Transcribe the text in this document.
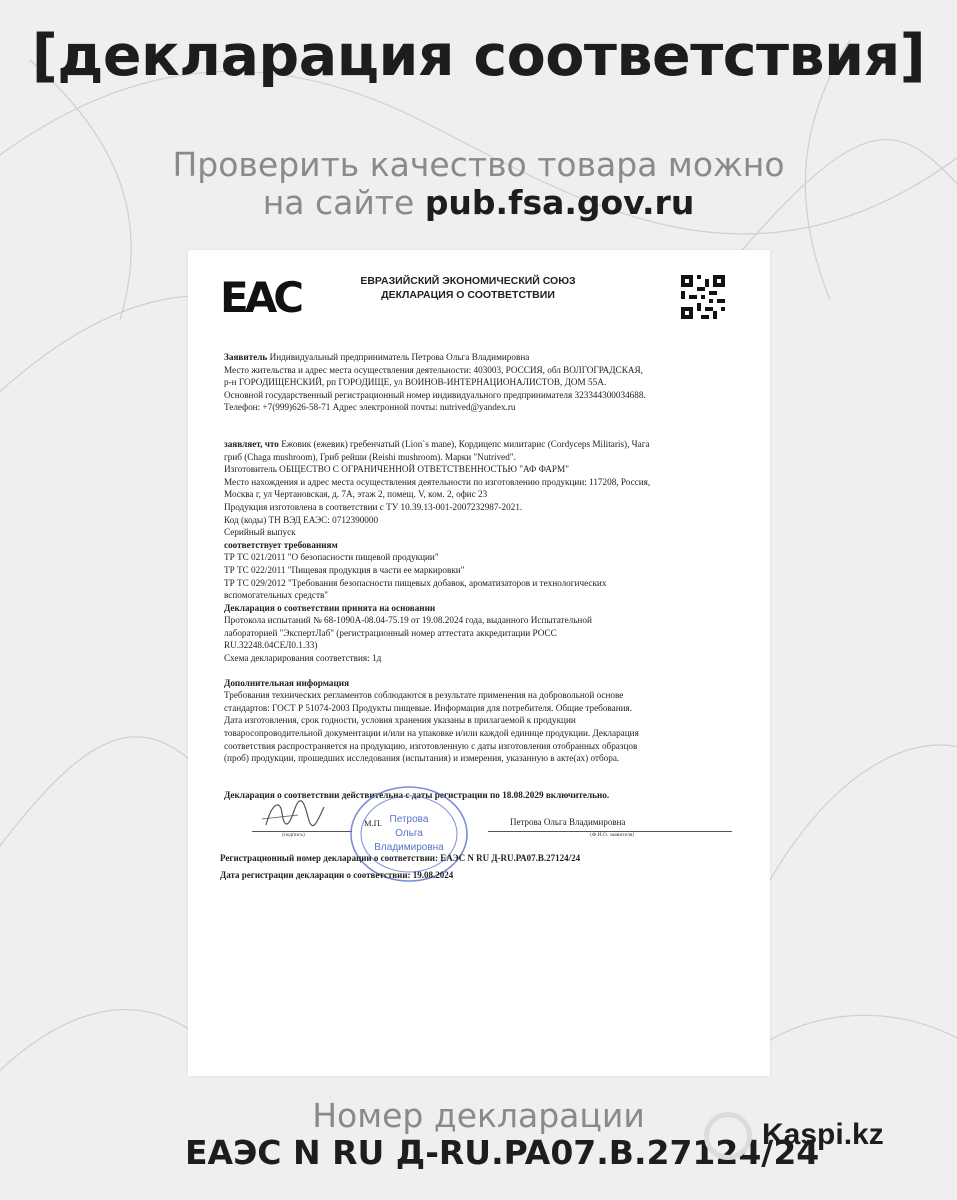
[декларация соответствия]
Проверить качество товара можно
на сайте pub.fsa.gov.ru
EAC	ЕВРАЗИЙСКИЙ ЭКОНОМИЧЕСКИЙ СОЮЗ
ДЕКЛАРАЦИЯ О СООТВЕТСТВИИ

Заявитель Индивидуальный предприниматель Петрова Ольга Владимировна

Место жительства и адрес места осуществления деятельности: 403003, РОССИЯ, обл ВОЛГОГРАДСКАЯ,

р-н ГОРОДИЩЕНСКИЙ, рп ГОРОДИЩЕ, ул ВОИНОВ-ИНТЕРНАЦИОНАЛИСТОВ, ДОМ 55А.

Основной государственный регистрационный номер индивидуального предпринимателя 323344300034688.

Телефон: +7(999)626-58-71 Адрес электронной почты: nutrived@yandex.ru

заявляет, что Ежовик (ежевик) гребенчатый (Lion`s mane), Кордицепс милитарис (Cordyceps Militaris), Чага

гриб (Chaga mushroom), Гриб рейши (Reishi mushroom). Марки "Nutrived".

Изготовитель ОБЩЕСТВО С ОГРАНИЧЕННОЙ ОТВЕТСТВЕННОСТЬЮ "АФ ФАРМ"

Место нахождения и адрес места осуществления деятельности по изготовлению продукции: 117208, Россия,

Москва г, ул Чертановская, д. 7А, этаж 2, помещ. V, ком. 2, офис 23

Продукция изготовлена в соответствии с ТУ 10.39.13-001-2007232987-2021.

Код (коды) ТН ВЭД ЕАЭС: 0712390000

Серийный выпуск

соответствует требованиям

ТР ТС 021/2011 "О безопасности пищевой продукции"

ТР ТС 022/2011 "Пищевая продукция в части ее маркировки"

ТР ТС 029/2012 "Требования безопасности пищевых добавок, ароматизаторов и технологических

вспомогательных средств"

Декларация о соответствии принята на основании

Протокола испытаний № 68-1090А-08.04-75.19 от 19.08.2024 года, выданного Испытательной

лабораторией "ЭкспертЛаб" (регистрационный номер аттестата аккредитации РОСС

RU.32248.04СЕЛ0.1.33)

Схема декларирования соответствия: 1д

Дополнительная информация

Требования технических регламентов соблюдаются в результате применения на добровольной основе

стандартов: ГОСТ Р 51074-2003 Продукты пищевые. Информация для потребителя. Общие требования.

Дата изготовления, срок годности, условия хранения указаны в прилагаемой к продукции

товаросопроводительной документации и/или на упаковке и/или каждой единице продукции. Декларация

соответствия распространяется на продукцию, изготовленную с даты изготовления отобранных образцов

(проб) продукции, прошедших исследования (испытания) и измерения, указанную в акте(ах) отбора.

Декларация о соответствии действительна с даты регистрации по 18.08.2029 включительно.

(подпись)
М.П.	Петрова Ольга Владимировна
(Ф.И.О. заявителя)
Петрова
Ольга
Владимировна
Регистрационный номер декларации о соответствии: ЕАЭС N RU Д-RU.РА07.В.27124/24
Дата регистрации декларации о соответствии: 19.08.2024
Номер декларации
ЕАЭС N RU Д-RU.PA07.B.27124/24
Kaspi.kz
